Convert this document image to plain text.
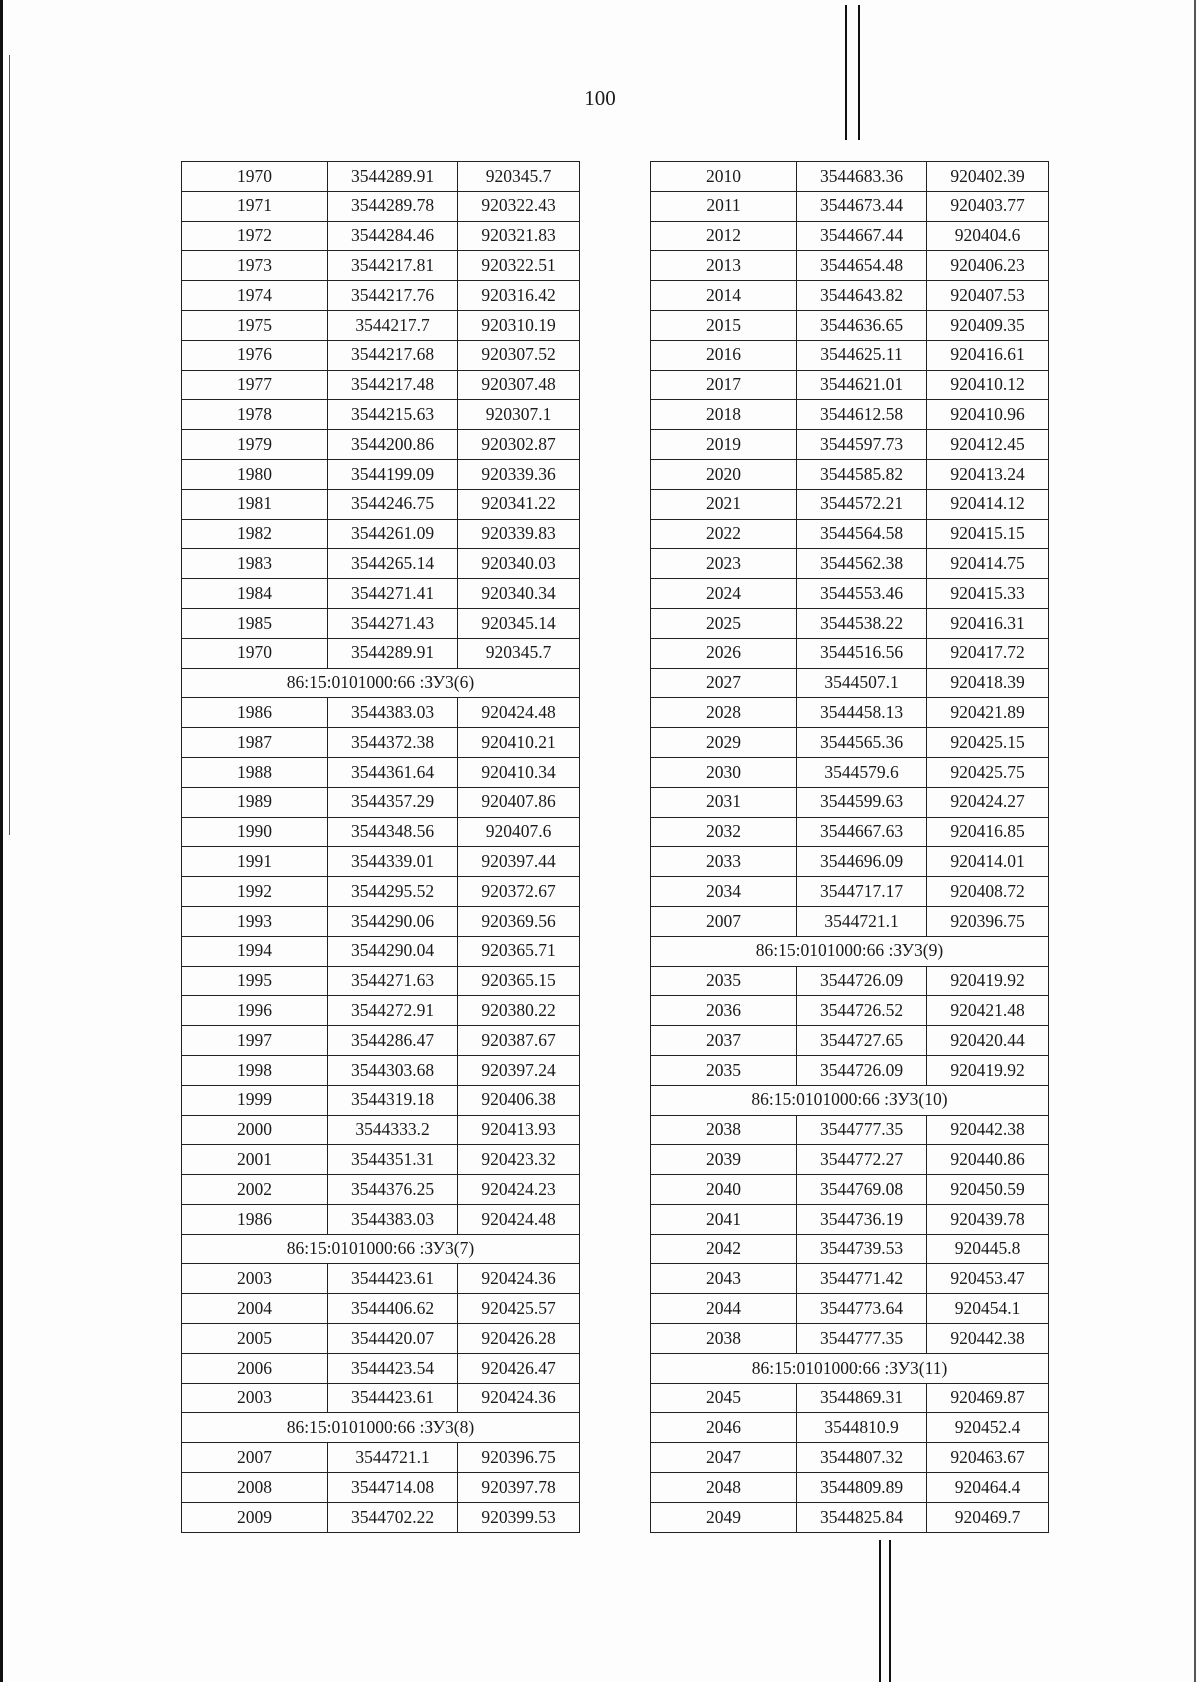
100
1970	3544289.91	920345.7
1971	3544289.78	920322.43
1972	3544284.46	920321.83
1973	3544217.81	920322.51
1974	3544217.76	920316.42
1975	3544217.7	920310.19
1976	3544217.68	920307.52
1977	3544217.48	920307.48
1978	3544215.63	920307.1
1979	3544200.86	920302.87
1980	3544199.09	920339.36
1981	3544246.75	920341.22
1982	3544261.09	920339.83
1983	3544265.14	920340.03
1984	3544271.41	920340.34
1985	3544271.43	920345.14
1970	3544289.91	920345.7
86:15:0101000:66 :ЗУ3(6)		
1986	3544383.03	920424.48
1987	3544372.38	920410.21
1988	3544361.64	920410.34
1989	3544357.29	920407.86
1990	3544348.56	920407.6
1991	3544339.01	920397.44
1992	3544295.52	920372.67
1993	3544290.06	920369.56
1994	3544290.04	920365.71
1995	3544271.63	920365.15
1996	3544272.91	920380.22
1997	3544286.47	920387.67
1998	3544303.68	920397.24
1999	3544319.18	920406.38
2000	3544333.2	920413.93
2001	3544351.31	920423.32
2002	3544376.25	920424.23
1986	3544383.03	920424.48
86:15:0101000:66 :ЗУ3(7)		
2003	3544423.61	920424.36
2004	3544406.62	920425.57
2005	3544420.07	920426.28
2006	3544423.54	920426.47
2003	3544423.61	920424.36
86:15:0101000:66 :ЗУ3(8)		
2007	3544721.1	920396.75
2008	3544714.08	920397.78
2009	3544702.22	920399.53
2010	3544683.36	920402.39
2011	3544673.44	920403.77
2012	3544667.44	920404.6
2013	3544654.48	920406.23
2014	3544643.82	920407.53
2015	3544636.65	920409.35
2016	3544625.11	920416.61
2017	3544621.01	920410.12
2018	3544612.58	920410.96
2019	3544597.73	920412.45
2020	3544585.82	920413.24
2021	3544572.21	920414.12
2022	3544564.58	920415.15
2023	3544562.38	920414.75
2024	3544553.46	920415.33
2025	3544538.22	920416.31
2026	3544516.56	920417.72
2027	3544507.1	920418.39
2028	3544458.13	920421.89
2029	3544565.36	920425.15
2030	3544579.6	920425.75
2031	3544599.63	920424.27
2032	3544667.63	920416.85
2033	3544696.09	920414.01
2034	3544717.17	920408.72
2007	3544721.1	920396.75
86:15:0101000:66 :ЗУ3(9)		
2035	3544726.09	920419.92
2036	3544726.52	920421.48
2037	3544727.65	920420.44
2035	3544726.09	920419.92
86:15:0101000:66 :ЗУ3(10)		
2038	3544777.35	920442.38
2039	3544772.27	920440.86
2040	3544769.08	920450.59
2041	3544736.19	920439.78
2042	3544739.53	920445.8
2043	3544771.42	920453.47
2044	3544773.64	920454.1
2038	3544777.35	920442.38
86:15:0101000:66 :ЗУ3(11)		
2045	3544869.31	920469.87
2046	3544810.9	920452.4
2047	3544807.32	920463.67
2048	3544809.89	920464.4
2049	3544825.84	920469.7
